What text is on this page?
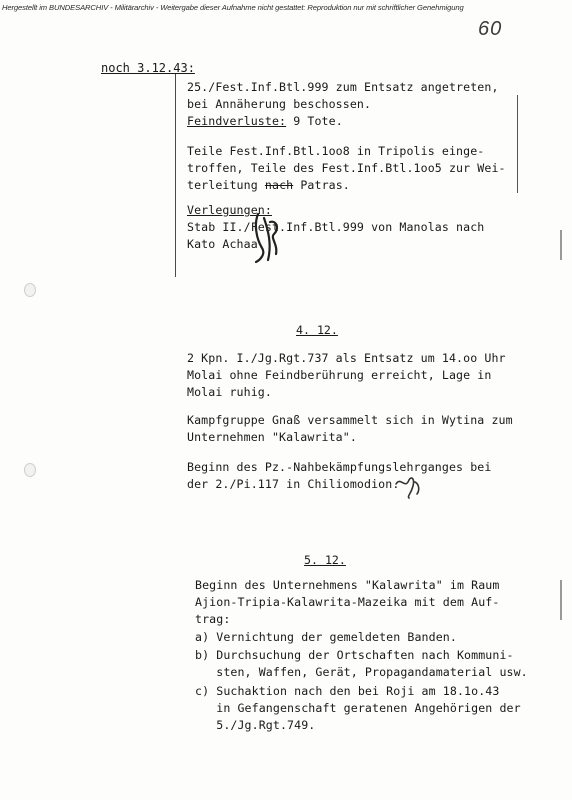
Hergestellt im BUNDESARCHIV - Militärarchiv - Weitergabe dieser Aufnahme nicht gestattet: Reproduktion nur mit schriftlicher Genehmigung
60
noch 3.12.43:
25./Fest.Inf.Btl.999 zum Entsatz angetreten,
bei Annäherung beschossen.
Feindverluste: 9 Tote.
Teile Fest.Inf.Btl.1oo8 in Tripolis einge-
troffen, Teile des Fest.Inf.Btl.1oo5 zur Wei-
terleitung nach Patras.
Verlegungen:
Stab II./Fest.Inf.Btl.999 von Manolas nach
Kato Achaa.
4. 12.
2 Kpn. I./Jg.Rgt.737 als Entsatz um 14.oo Uhr
Molai ohne Feindberührung erreicht, Lage in
Molai ruhig.
Kampfgruppe Gnaß versammelt sich in Wytina zum
Unternehmen "Kalawrita".
Beginn des Pz.-Nahbekämpfungslehrganges bei
der 2./Pi.117 in Chiliomodion.
5. 12.
Beginn des Unternehmens "Kalawrita" im Raum
Ajion-Tripia-Kalawrita-Mazeika mit dem Auf-
trag:
a) Vernichtung der gemeldeten Banden.
b) Durchsuchung der Ortschaften nach Kommuni-
sten, Waffen, Gerät, Propagandamaterial usw.
c) Suchaktion nach den bei Roji am 18.1o.43
in Gefangenschaft geratenen Angehörigen der
5./Jg.Rgt.749.
